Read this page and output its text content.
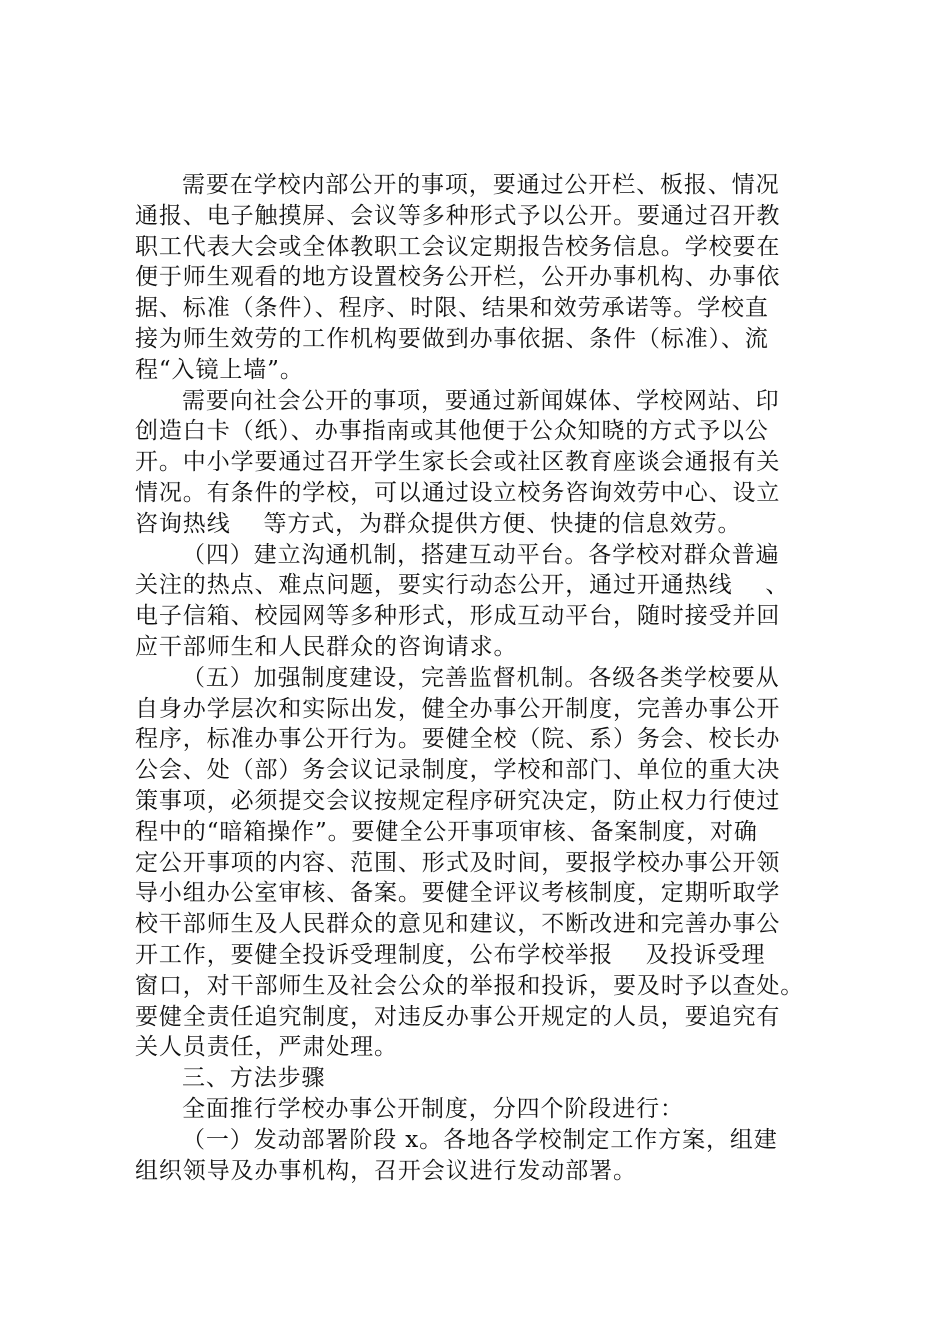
需要在学校内部公开的事项，要通过公开栏、板报、情况
通报、电子触摸屏、会议等多种形式予以公开。要通过召开教
职工代表大会或全体教职工会议定期报告校务信息。学校要在
便于师生观看的地方设置校务公开栏，公开办事机构、办事依
据、标准（条件）、程序、时限、结果和效劳承诺等。学校直
接为师生效劳的工作机构要做到办事依据、条件（标准）、流
程“入镜上墙”。
需要向社会公开的事项，要通过新闻媒体、学校网站、印
创造白卡（纸）、办事指南或其他便于公众知晓的方式予以公
开。中小学要通过召开学生家长会或社区教育座谈会通报有关
情况。有条件的学校，可以通过设立校务咨询效劳中心、设立
咨询热线    等方式，为群众提供方便、快捷的信息效劳。
（四）建立沟通机制，搭建互动平台。各学校对群众普遍
关注的热点、难点问题，要实行动态公开，通过开通热线    、
电子信箱、校园网等多种形式，形成互动平台，随时接受并回
应干部师生和人民群众的咨询请求。
（五）加强制度建设，完善监督机制。各级各类学校要从
自身办学层次和实际出发，健全办事公开制度，完善办事公开
程序，标准办事公开行为。要健全校（院、系）务会、校长办
公会、处（部）务会议记录制度，学校和部门、单位的重大决
策事项，必须提交会议按规定程序研究决定，防止权力行使过
程中的“暗箱操作”。要健全公开事项审核、备案制度，对确
定公开事项的内容、范围、形式及时间，要报学校办事公开领
导小组办公室审核、备案。要健全评议考核制度，定期听取学
校干部师生及人民群众的意见和建议，不断改进和完善办事公
开工作，要健全投诉受理制度，公布学校举报    及投诉受理
窗口，对干部师生及社会公众的举报和投诉，要及时予以查处。
要健全责任追究制度，对违反办事公开规定的人员，要追究有
关人员责任，严肃处理。
三、方法步骤
全面推行学校办事公开制度，分四个阶段进行：
（一）发动部署阶段 x。各地各学校制定工作方案，组建
组织领导及办事机构，召开会议进行发动部署。
